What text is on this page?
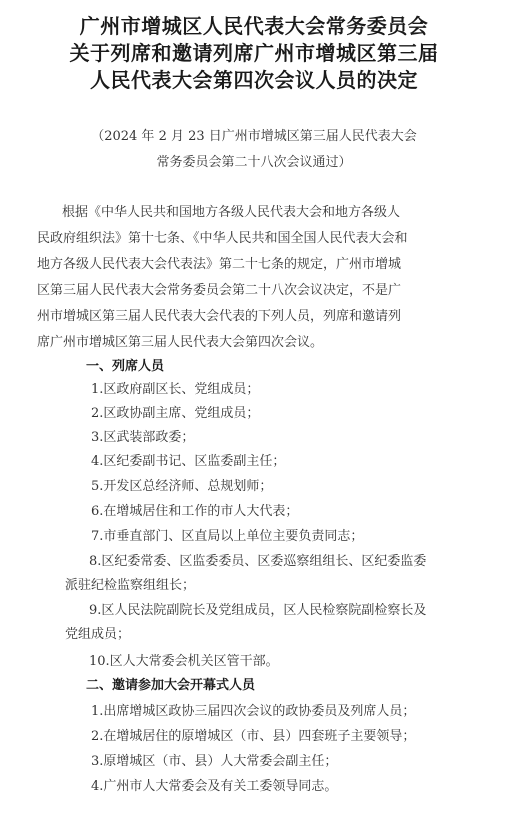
广州市增城区人民代表大会常务委员会
关于列席和邀请列席广州市增城区第三届
人民代表大会第四次会议人员的决定
（2024 年 2 月 23 日广州市增城区第三届人民代表大会
常务委员会第二十八次会议通过）
根据《中华人民共和国地方各级人民代表大会和地方各级人
民政府组织法》第十七条、《中华人民共和国全国人民代表大会和
地方各级人民代表大会代表法》第二十七条的规定，广州市增城
区第三届人民代表大会常务委员会第二十八次会议决定，不是广
州市增城区第三届人民代表大会代表的下列人员，列席和邀请列
席广州市增城区第三届人民代表大会第四次会议。
一、列席人员
1.区政府副区长、党组成员；
2.区政协副主席、党组成员；
3.区武装部政委；
4.区纪委副书记、区监委副主任；
5.开发区总经济师、总规划师；
6.在增城居住和工作的市人大代表；
7.市垂直部门、区直局以上单位主要负责同志；
8.区纪委常委、区监委委员、区委巡察组组长、区纪委监委
派驻纪检监察组组长；
9.区人民法院副院长及党组成员，区人民检察院副检察长及
党组成员；
10.区人大常委会机关区管干部。
二、邀请参加大会开幕式人员
1.出席增城区政协三届四次会议的政协委员及列席人员；
2.在增城居住的原增城区（市、县）四套班子主要领导；
3.原增城区（市、县）人大常委会副主任；
4.广州市人大常委会及有关工委领导同志。
